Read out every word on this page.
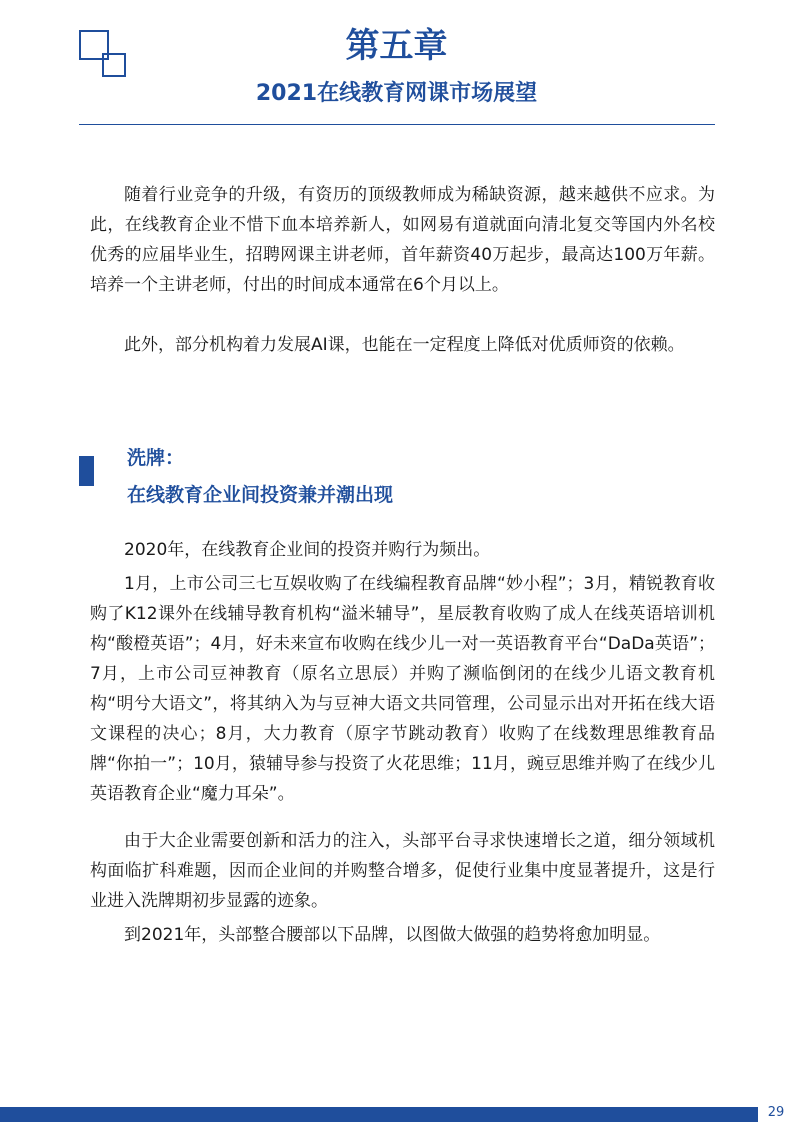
第五章
2021在线教育网课市场展望

随着行业竞争的升级，有资历的顶级教师成为稀缺资源，越来越供不应求。为此，在线教育企业不惜下血本培养新人，如网易有道就面向清北复交等国内外名校优秀的应届毕业生，招聘网课主讲老师，首年薪资40万起步，最高达100万年薪。培养一个主讲老师，付出的时间成本通常在6个月以上。

此外，部分机构着力发展AI课，也能在一定程度上降低对优质师资的依赖。

洗牌：
在线教育企业间投资兼并潮出现

2020年，在线教育企业间的投资并购行为频出。

1月，上市公司三七互娱收购了在线编程教育品牌“妙小程”；3月，精锐教育收购了K12课外在线辅导教育机构“溢米辅导”，星辰教育收购了成人在线英语培训机构“酸橙英语”；4月，好未来宣布收购在线少儿一对一英语教育平台“DaDa英语”；7月，上市公司豆神教育（原名立思辰）并购了濒临倒闭的在线少儿语文教育机构“明兮大语文”，将其纳入为与豆神大语文共同管理，公司显示出对开拓在线大语文课程的决心；8月，大力教育（原字节跳动教育）收购了在线数理思维教育品牌“你拍一”；10月，猿辅导参与投资了火花思维；11月，豌豆思维并购了在线少儿英语教育企业“魔力耳朵”。

由于大企业需要创新和活力的注入，头部平台寻求快速增长之道，细分领域机构面临扩科难题，因而企业间的并购整合增多，促使行业集中度显著提升，这是行业进入洗牌期初步显露的迹象。

到2021年，头部整合腰部以下品牌，以图做大做强的趋势将愈加明显。

29
